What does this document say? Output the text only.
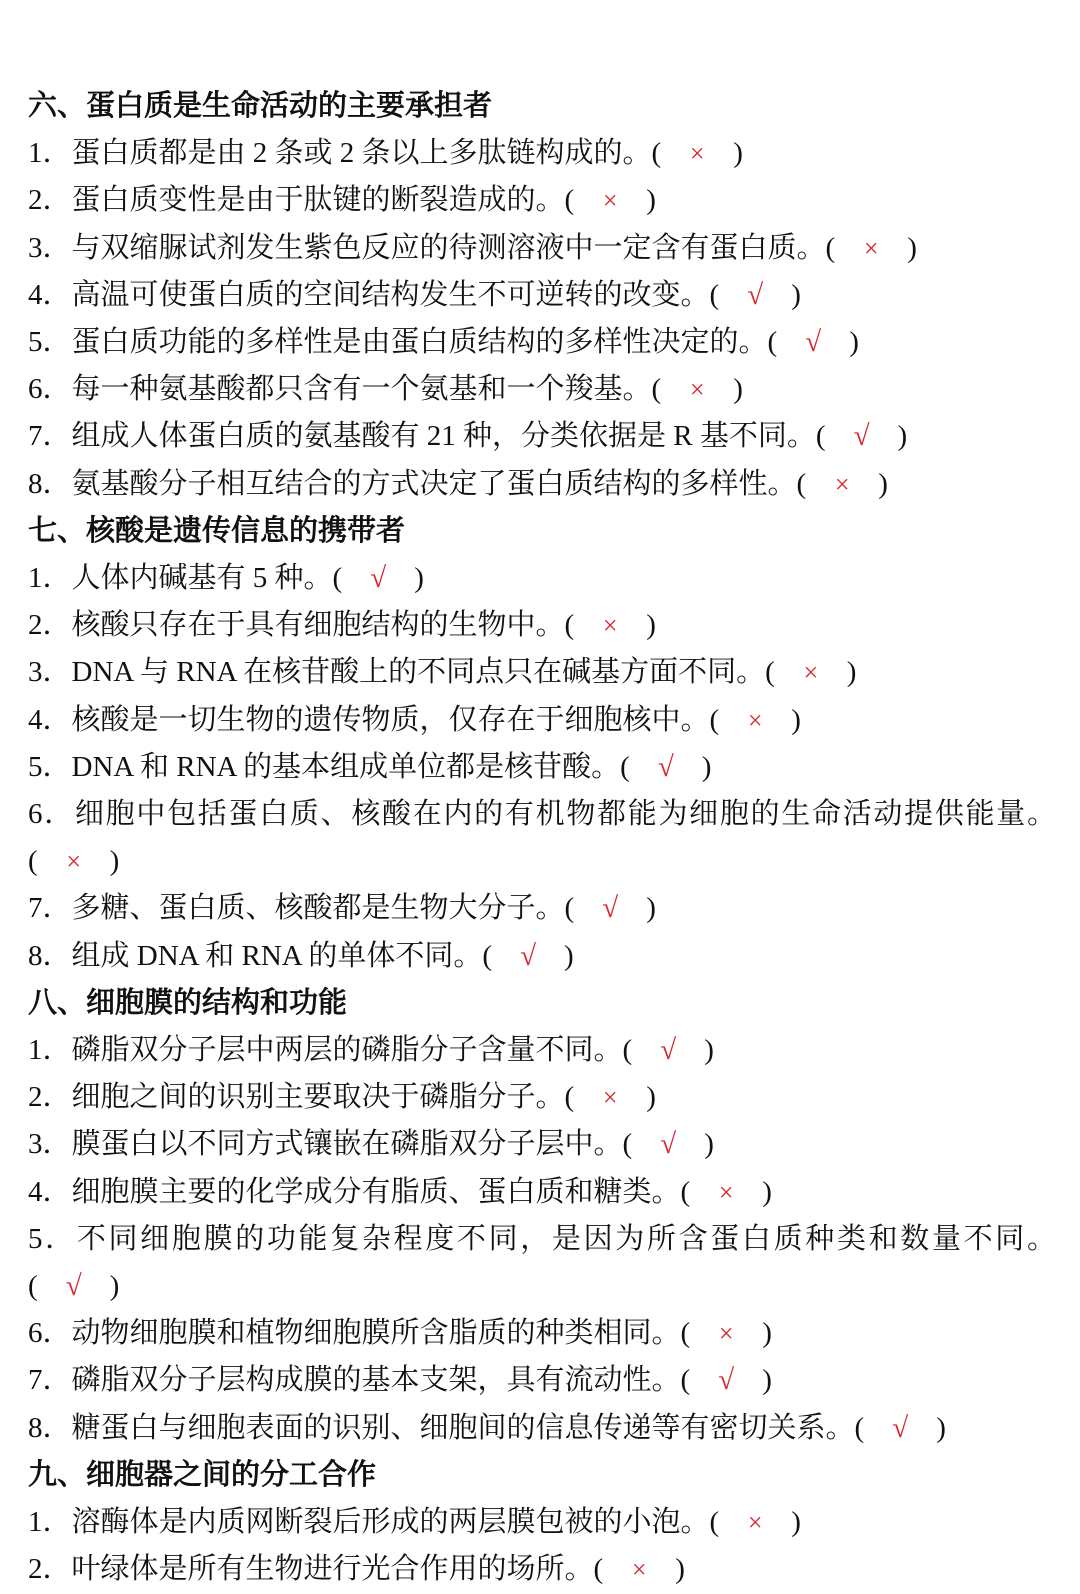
六、蛋白质是生命活动的主要承担者
1．蛋白质都是由 2 条或 2 条以上多肽链构成的。( × )
2．蛋白质变性是由于肽键的断裂造成的。( × )
3．与双缩脲试剂发生紫色反应的待测溶液中一定含有蛋白质。( × )
4．高温可使蛋白质的空间结构发生不可逆转的改变。( √ )
5．蛋白质功能的多样性是由蛋白质结构的多样性决定的。( √ )
6．每一种氨基酸都只含有一个氨基和一个羧基。( × )
7．组成人体蛋白质的氨基酸有 21 种，分类依据是 R 基不同。( √ )
8．氨基酸分子相互结合的方式决定了蛋白质结构的多样性。( × )
七、核酸是遗传信息的携带者
1．人体内碱基有 5 种。( √ )
2．核酸只存在于具有细胞结构的生物中。( × )
3．DNA 与 RNA 在核苷酸上的不同点只在碱基方面不同。( × )
4．核酸是一切生物的遗传物质，仅存在于细胞核中。( × )
5．DNA 和 RNA 的基本组成单位都是核苷酸。( √ )
6．细胞中包括蛋白质、核酸在内的有机物都能为细胞的生命活动提供能量。( × )
7．多糖、蛋白质、核酸都是生物大分子。( √ )
8．组成 DNA 和 RNA 的单体不同。( √ )
八、细胞膜的结构和功能
1．磷脂双分子层中两层的磷脂分子含量不同。( √ )
2．细胞之间的识别主要取决于磷脂分子。( × )
3．膜蛋白以不同方式镶嵌在磷脂双分子层中。( √ )
4．细胞膜主要的化学成分有脂质、蛋白质和糖类。( × )
5．不同细胞膜的功能复杂程度不同，是因为所含蛋白质种类和数量不同。( √ )
6．动物细胞膜和植物细胞膜所含脂质的种类相同。( × )
7．磷脂双分子层构成膜的基本支架，具有流动性。( √ )
8．糖蛋白与细胞表面的识别、细胞间的信息传递等有密切关系。( √ )
九、细胞器之间的分工合作
1．溶酶体是内质网断裂后形成的两层膜包被的小泡。( × )
2．叶绿体是所有生物进行光合作用的场所。( × )
